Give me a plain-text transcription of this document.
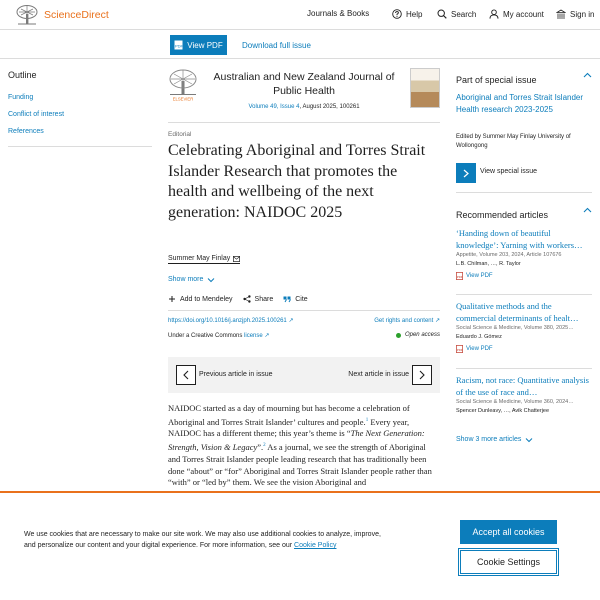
ScienceDirect	Journals & Books	Help	Search	My account	Sign in
PDF View PDF Download full issue
Outline
Funding
Conflict of interest
References
ELSEVIER
Australian and New Zealand Journal of Public Health
Volume 49, Issue 4, August 2025, 100261
Editorial
Celebrating Aboriginal and Torres Strait Islander Research that promotes the health and wellbeing of the next generation: NAIDOC 2025
Summer May Finlay
Show more
Add to Mendeley	Share	Cite
https://doi.org/10.1016/j.anzjph.2025.100261 ↗	Get rights and content ↗
Under a Creative Commons license ↗	Open access
Previous article in issue	Next article in issue

NAIDOC started as a day of mourning but has become a celebration of Aboriginal and Torres Strait Islander’ cultures and people.$^1$ Every year, NAIDOC has a different theme; this year’s theme is “The Next Generation: Strength, Vision & Legacy”.$^2$ As a journal, we see the strength of Aboriginal and Torres Strait Islander people leading research that has traditionally been done “about” or “for” Aboriginal and Torres Strait Islander people rather than “with” or “led by” them. We see the vision Aboriginal and

Part of special issue
Aboriginal and Torres Strait Islander Health research 2023-2025
Edited by Summer May Finlay University of Wollongong
View special issue
Recommended articles
‘Handing down of beautiful knowledge’: Yarning with workers…
Appetite, Volume 203, 2024, Article 107676
L.B. Chilman, …, R. Taylor
PDF View PDF
Qualitative methods and the commercial determinants of healt…
Social Science & Medicine, Volume 380, 2025…
Eduardo J. Gómez
PDF View PDF
Racism, not race: Quantitative analysis of the use of race and…
Social Science & Medicine, Volume 360, 2024…
Spencer Dunleavy, …, Avik Chatterjee
Show 3 more articles

We use cookies that are necessary to make our site work. We may also use additional cookies to analyze, improve, and personalize our content and your digital experience. For more information, see our Cookie Policy

Accept all cookies
Cookie Settings
